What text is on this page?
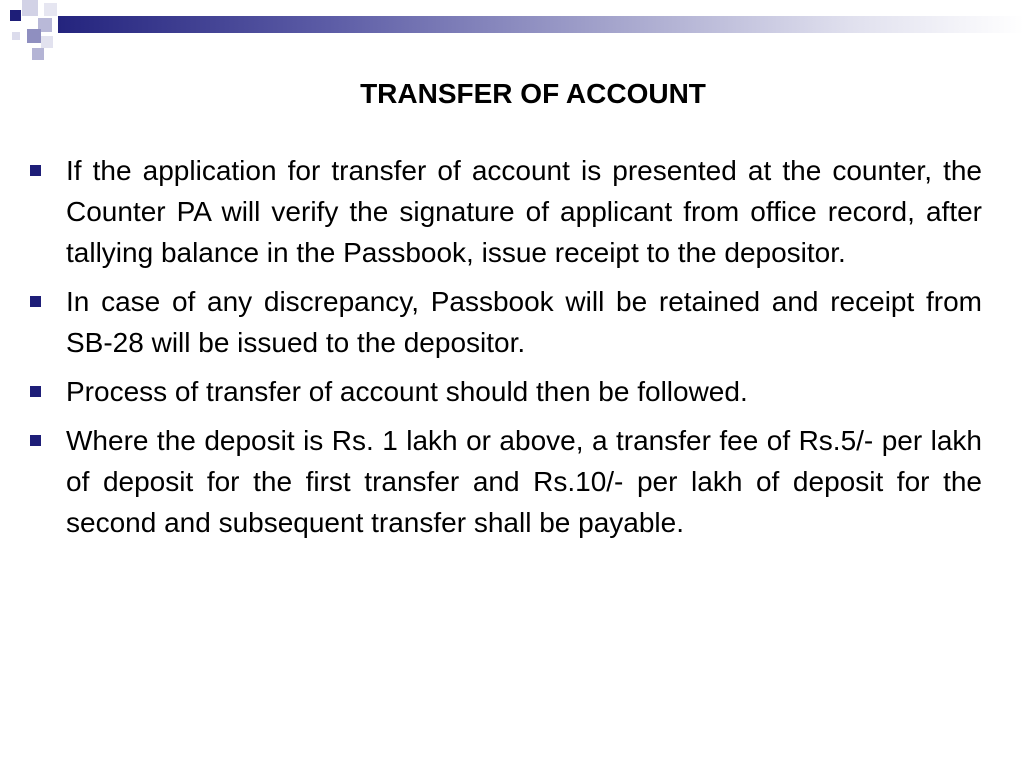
TRANSFER OF ACCOUNT
If the application for transfer of account is presented at the counter, the Counter PA will verify the signature of applicant from office record, after tallying balance in the Passbook, issue receipt to the depositor.
In case of any discrepancy, Passbook will be retained and receipt from SB-28 will be issued to the depositor.
Process of transfer of account should then be followed.
Where the deposit is Rs. 1 lakh or above, a transfer fee of Rs.5/- per lakh of deposit for the first transfer and Rs.10/- per lakh of deposit for the second and subsequent transfer shall be payable.
